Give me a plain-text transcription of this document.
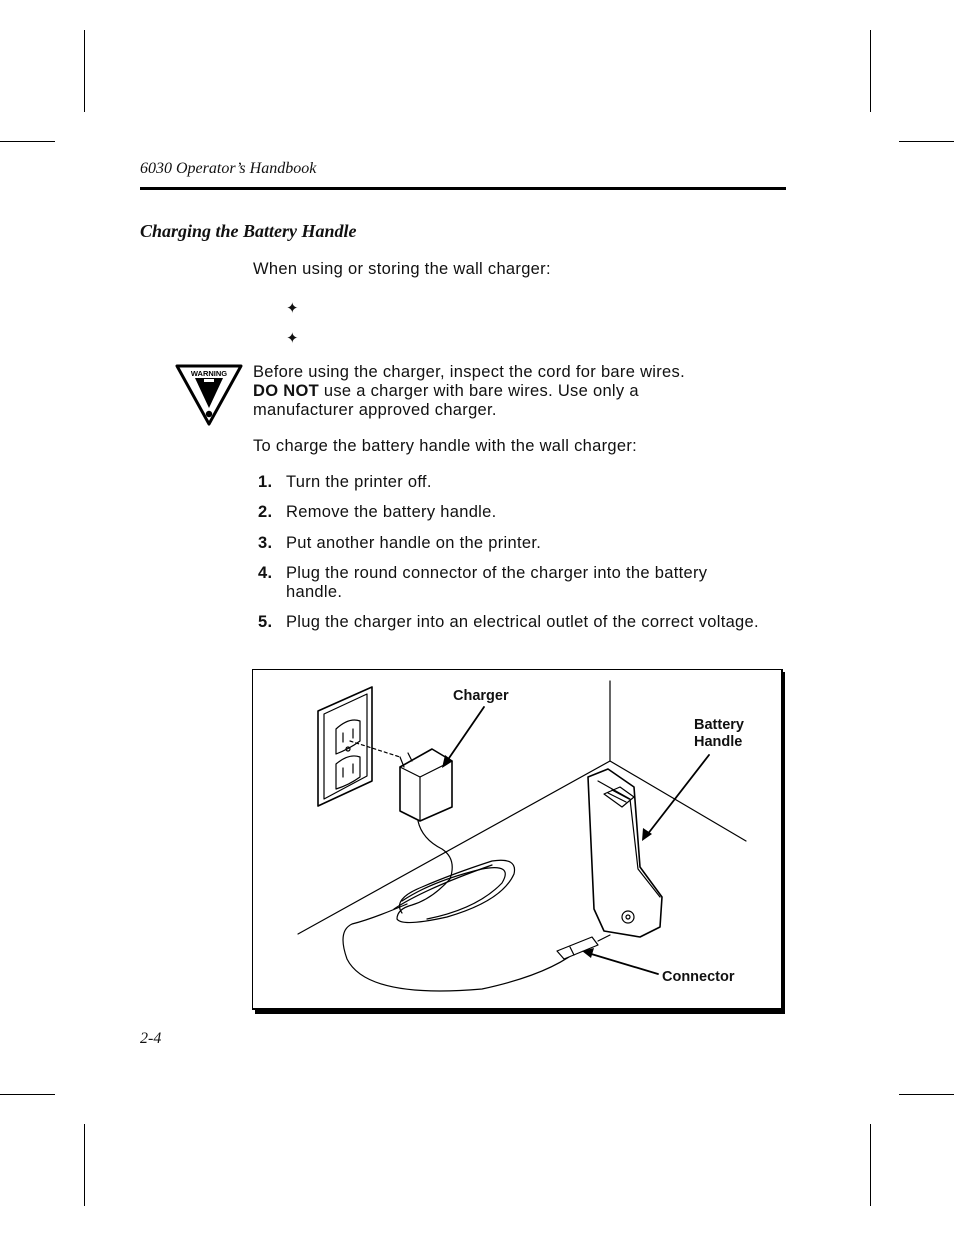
6030 Operator’s Handbook
Charging the Battery Handle
When using or storing the wall charger:
✦
✦
WARNING Before using the charger, inspect the cord for bare wires.
DO NOT use a charger with bare wires. Use only a
manufacturer approved charger.
To charge the battery handle with the wall charger:
1. Turn the printer off.
2. Remove the battery handle.
3. Put another handle on the printer.
4. Plug the round connector of the charger into the battery handle.
5. Plug the charger into an electrical outlet of the correct voltage.
Charger
Battery
Handle
Connector
2-4
